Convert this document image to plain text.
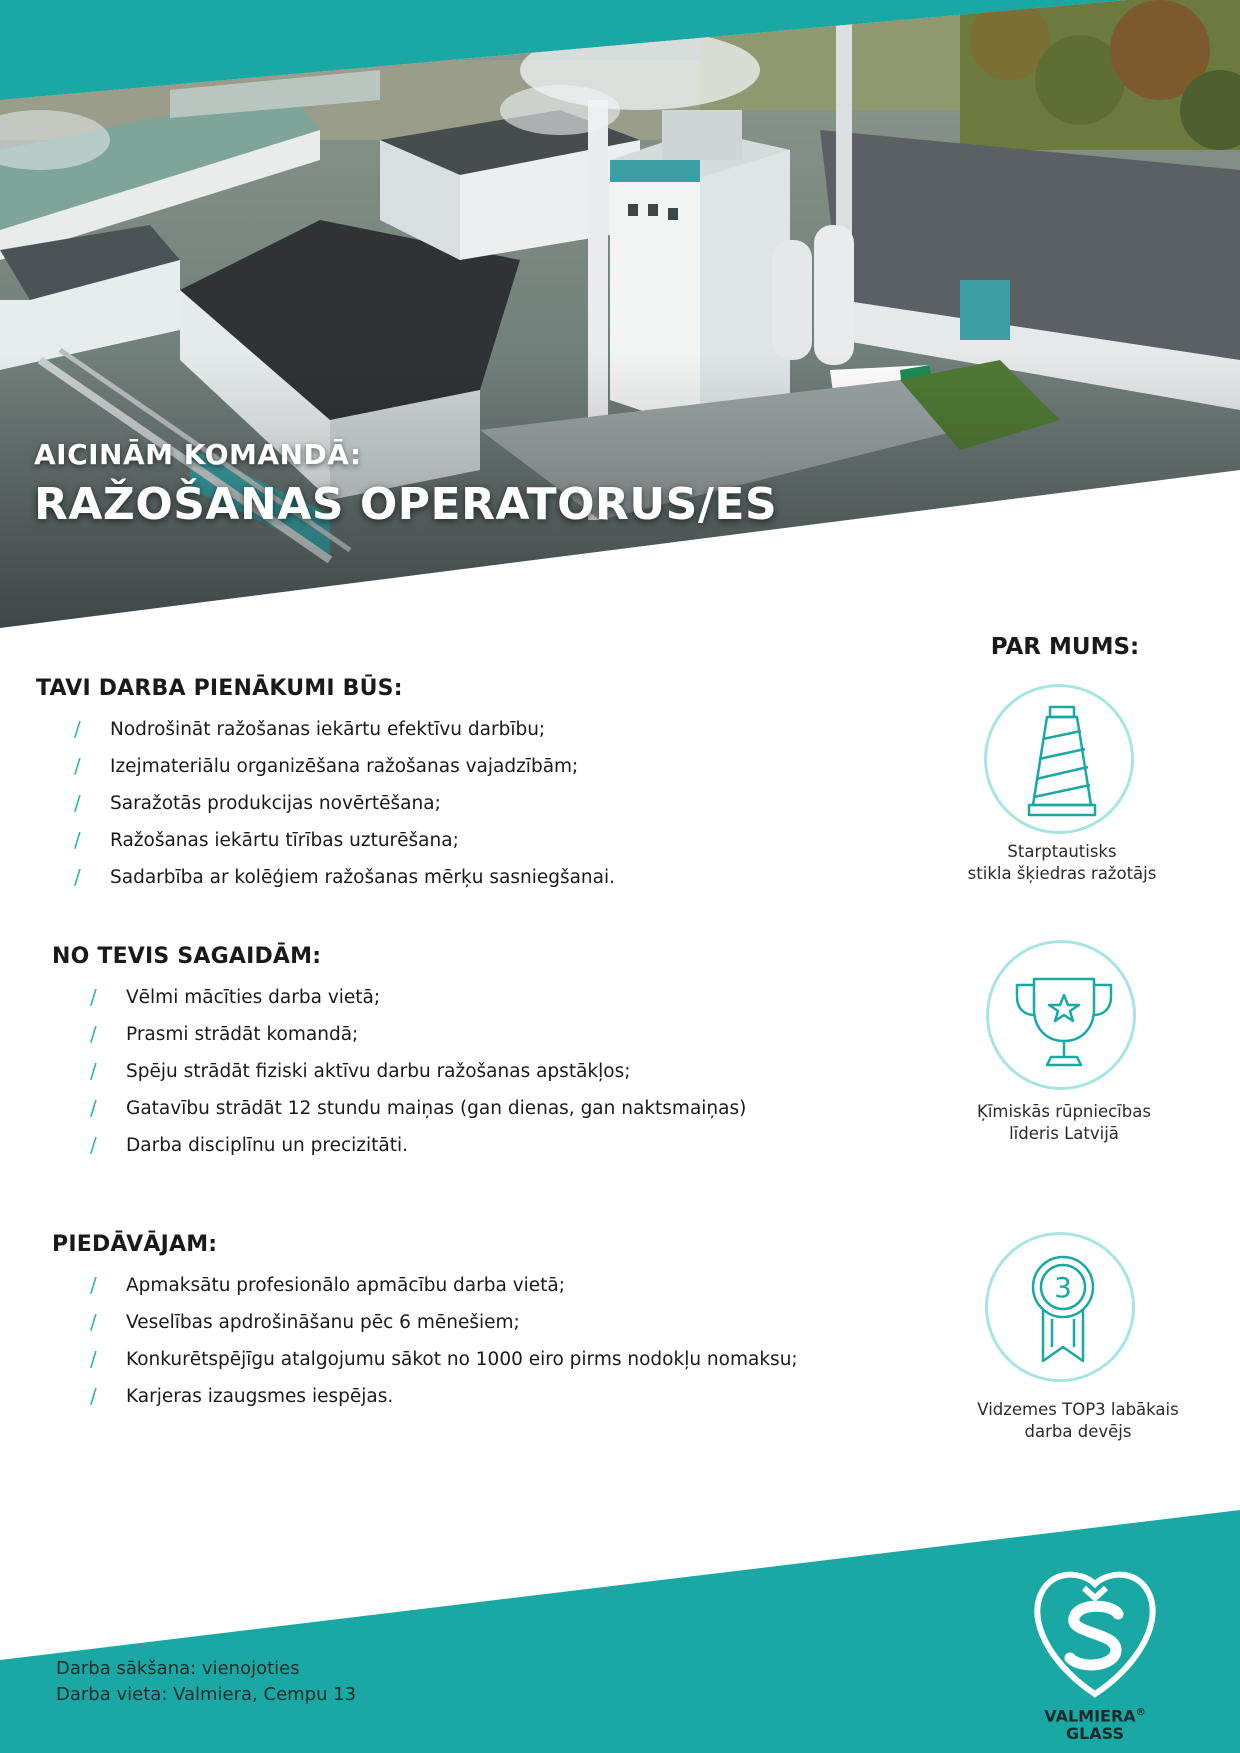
AICINĀM KOMANDĀ:

RAŽOŠANAS OPERATORUS/ES

TAVI DARBA PIENĀKUMI BŪS:
/ Nodrošināt ražošanas iekārtu efektīvu darbību;
/ Izejmateriālu organizēšana ražošanas vajadzībām;
/ Saražotās produkcijas novērtēšana;
/ Ražošanas iekārtu tīrības uzturēšana;
/ Sadarbība ar kolēģiem ražošanas mērķu sasniegšanai.
NO TEVIS SAGAIDĀM:
/ Vēlmi mācīties darba vietā;
/ Prasmi strādāt komandā;
/ Spēju strādāt fiziski aktīvu darbu ražošanas apstākļos;
/ Gatavību strādāt 12 stundu maiņas (gan dienas, gan naktsmaiņas)
/ Darba disciplīnu un precizitāti.
PIEDĀVĀJAM:
/ Apmaksātu profesionālo apmācību darba vietā;
/ Veselības apdrošināšanu pēc 6 mēnešiem;
/ Konkurētspējīgu atalgojumu sākot no 1000 eiro pirms nodokļu nomaksu;
/ Karjeras izaugsmes iespējas.

PAR MUMS:

Starptautisks
stikla šķiedras ražotājs
Ķīmiskās rūpniecības
līderis Latvijā
3
Vidzemes TOP3 labākais
darba devējs
Darba sākšana: vienojoties
Darba vieta: Valmiera, Cempu 13
VALMIERA®
GLASS
